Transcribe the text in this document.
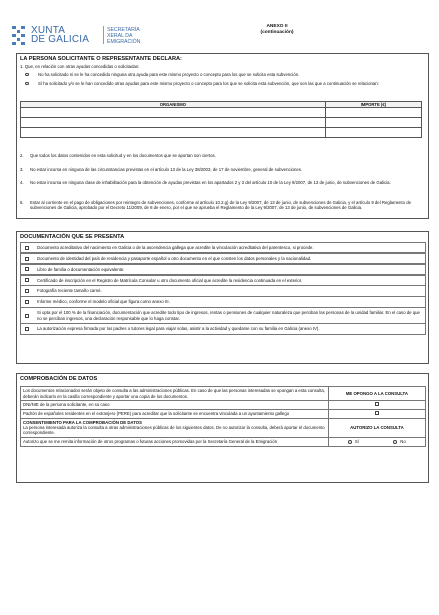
XUNTA
DE GALICIA
SECRETARÍA
XERAL DA
EMIGRACIÓN
ANEXO II
(continuación)
LA PERSONA SOLICITANTE O REPRESENTANTE DECLARA:
1. Que, en relación con otras ayudas concedidas o solicitadas:
No ha solicitado ni se le ha concedido ninguna otra ayuda para este mismo proyecto o concepto para los que se solicita esta subvención.
Sí ha solicitado y/o se le han concedido otras ayudas para este mismo proyecto o concepto para los que se solicita esta subvención, que son las que a continuación se relacionan:
ORGANISMO	IMPORTE (€)

2. Que todos los datos contenidos en esta solicitud y en los documentos que se aportan son ciertos.
3. No estar incursa en ninguna de las circunstancias previstas en el artículo 13 de la Ley 38/2003, de 17 de noviembre, general de subvenciones.
4. No estar incursa en ninguna clase de inhabilitación para la obtención de ayudas previstas en los apartados 2 y 3 del artículo 10 de la Ley 9/2007, de 13 de junio, de subvenciones de Galicia.
5. Estar al corriente en el pago de obligaciones por reintegro de subvenciones, conforme al artículo 10.2.g) de la Ley 9/2007, de 13 de junio, de subvenciones de Galicia, y el artículo 9 del Reglamento de subvenciones de Galicia, aprobado por el Decreto 11/2009, de 8 de enero, por el que se aprueba el Reglamento de la Ley 9/2007, de 13 de junio, de subvenciones de Galicia.
DOCUMENTACIÓN QUE SE PRESENTA
Documento acreditativo del nacimiento en Galicia o de la ascendencia gallega que acredite la vinculación acreditativa del parentesco, si procede.
Documento de identidad del país de residencia y pasaporte español u otro documento en el que consten los datos personales y la nacionalidad.
Libro de familia o documentación equivalente.
Certificado de inscripción en el Registro de Matrícula Consular u otro documento oficial que acredite la residencia continuada en el exterior.
Fotografía reciente tamaño carné.
Informe médico, conforme el modelo oficial que figura como anexo III.
Si opta por el 100 % de la financiación, documentación que acredite todo tipo de ingresos, rentas o pensiones de cualquier naturaleza que perciban las personas de la unidad familiar. En el caso de que no se perciban ingresos, una declaración responsable que lo haga constar.
La autorización expresa firmada por los padres o tutores legal para viajar solas, asistir a la actividad y quedarse con su familia en Galicia (anexo IV).
COMPROBACIÓN DE DATOS
Los documentos relacionados serán objeto de consulta a las administraciones públicas. En caso de que las personas interesadas se opongan a esta consulta, deberán indicarlo en la casilla correspondiente y aportar una copia de los documentos.	ME OPONGO A LA CONSULTA
DNI/NIE de la persona solicitante, en su caso	
Padrón de españoles residentes en el extranjero (PERE) para acreditar que la solicitante se encuentra vinculada a un ayuntamiento gallego	

CONSENTIMIENTO PARA LA COMPROBACIÓN DE DATOS
La persona interesada autoriza la consulta a otras administraciones públicas de los siguientes datos. De no autorizar la consulta, deberá aportar el documento correspondiente.	AUTORIZO LA CONSULTA
Autorizo que se me remita información de otros programas o futuras acciones promovidas por la Secretaría General de la Emigración	Sí No
